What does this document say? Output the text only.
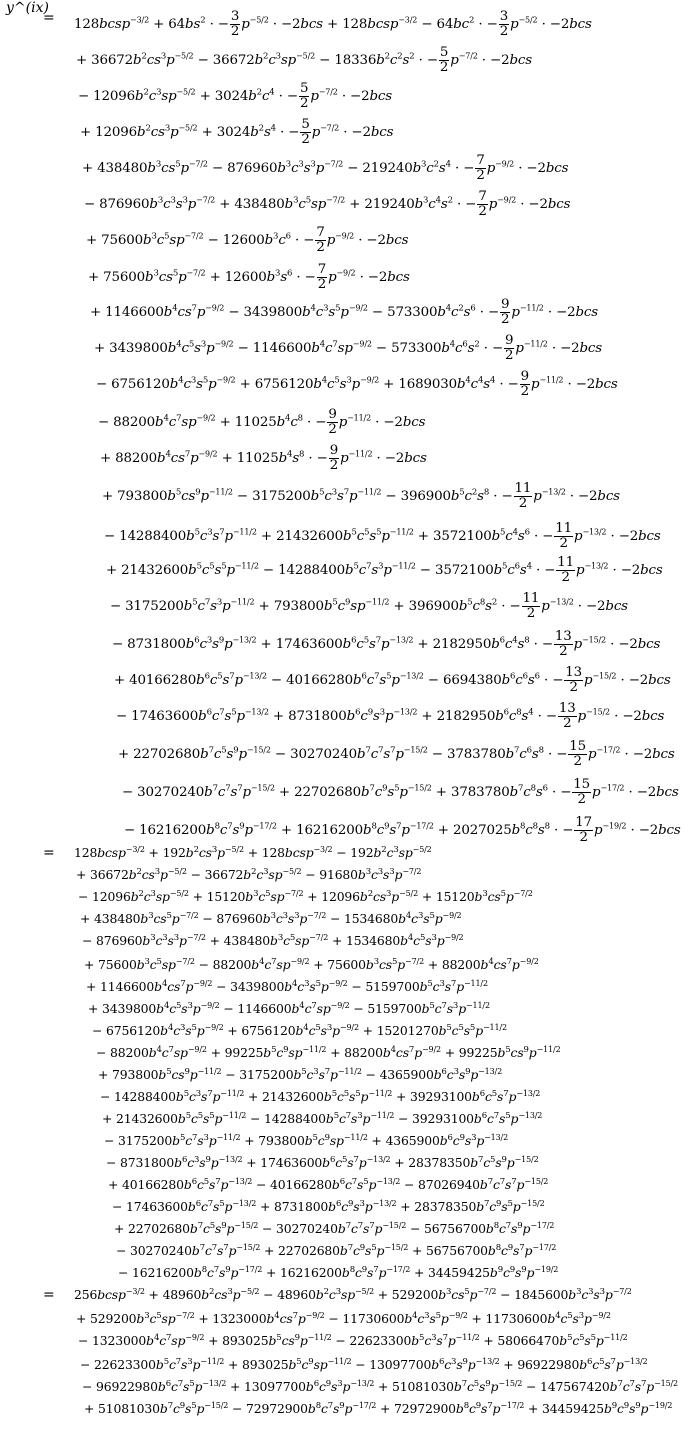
y^(ix)
= 128bcsp$^{-3/2}$ + $64bs^2$ · − $\frac{3}{2} p^{-5/2} \cdot -2bcs$ + 128bcsp$^{-3/2}$ − $64bc^2$ · − $\frac{3}{2} p^{-5/2} \cdot -2bcs$
+ $36672b^2cs^3p^{-5/2} - 36672b^2c^3sp^{-5/2} - 18336b^2c^2s^2$ · − $\frac{5}{2} p^{-7/2} \cdot -2bcs$
− $12096b^2c^3sp^{-5/2} + 3024b^2c^4$ · − $\frac{5}{2} p^{-7/2} \cdot -2bcs$
+ $12096b^2cs^3p^{-5/2} + 3024b^2s^4$ · − $\frac{5}{2} p^{-7/2} \cdot -2bcs$
+ $438480b^3cs^5p^{-7/2} - 876960b^3c^3s^3p^{-7/2} - 219240b^3c^2s^4$ · − $\frac{7}{2} p^{-9/2} \cdot -2bcs$
− $876960b^3c^3s^3p^{-7/2} + 438480b^3c^5sp^{-7/2} + 219240b^3c^4s^2$ · − $\frac{7}{2} p^{-9/2} \cdot -2bcs$
+ $75600b^3c^5sp^{-7/2} - 12600b^3c^6$ · − $\frac{7}{2} p^{-9/2} \cdot -2bcs$
+ $75600b^3cs^5p^{-7/2} + 12600b^3s^6$ · − $\frac{7}{2} p^{-9/2} \cdot -2bcs$
+ $1146600b^4cs^7p^{-9/2} - 3439800b^4c^3s^5p^{-9/2} - 573300b^4c^2s^6$ · − $\frac{9}{2} p^{-11/2} \cdot -2bcs$
+ $3439800b^4c^5s^3p^{-9/2} - 1146600b^4c^7sp^{-9/2} - 573300b^4c^6s^2$ · − $\frac{9}{2} p^{-11/2} \cdot -2bcs$
− $6756120b^4c^3s^5p^{-9/2} + 6756120b^4c^5s^3p^{-9/2} + 1689030b^4c^4s^4$ · − $\frac{9}{2} p^{-11/2} \cdot -2bcs$
− $88200b^4c^7sp^{-9/2} + 11025b^4c^8$ · − $\frac{9}{2} p^{-11/2} \cdot -2bcs$
+ $88200b^4cs^7p^{-9/2} + 11025b^4s^8$ · − $\frac{9}{2} p^{-11/2} \cdot -2bcs$
+ $793800b^5cs^9p^{-11/2} - 3175200b^5c^3s^7p^{-11/2} - 396900b^5c^2s^8$ · − $\frac{11}{2} p^{-13/2} \cdot -2bcs$
− $14288400b^5c^3s^7p^{-11/2} + 21432600b^5c^5s^5p^{-11/2} + 3572100b^5c^4s^6$ · − $\frac{11}{2} p^{-13/2} \cdot -2bcs$
+ $21432600b^5c^5s^5p^{-11/2} - 14288400b^5c^7s^3p^{-11/2} - 3572100b^5c^6s^4$ · − $\frac{11}{2} p^{-13/2} \cdot -2bcs$
− $3175200b^5c^7s^3p^{-11/2} + 793800b^5c^9sp^{-11/2} + 396900b^5c^8s^2$ · − $\frac{11}{2} p^{-13/2} \cdot -2bcs$
− $8731800b^6c^3s^9p^{-13/2} + 17463600b^6c^5s^7p^{-13/2} + 2182950b^6c^4s^8$ · − $\frac{13}{2} p^{-15/2} \cdot -2bcs$
+ $40166280b^6c^5s^7p^{-13/2} - 40166280b^6c^7s^5p^{-13/2} - 6694380b^6c^6s^6$ · − $\frac{13}{2} p^{-15/2} \cdot -2bcs$
− $17463600b^6c^7s^5p^{-13/2} + 8731800b^6c^9s^3p^{-13/2} + 2182950b^6c^8s^4$ · − $\frac{13}{2} p^{-15/2} \cdot -2bcs$
+ $22702680b^7c^5s^9p^{-15/2} - 30270240b^7c^7s^7p^{-15/2} - 3783780b^7c^6s^8$ · − $\frac{15}{2} p^{-17/2} \cdot -2bcs$
− $30270240b^7c^7s^7p^{-15/2} + 22702680b^7c^9s^5p^{-15/2} + 3783780b^7c^8s^6$ · − $\frac{15}{2} p^{-17/2} \cdot -2bcs$
− $16216200b^8c^7s^9p^{-17/2} + 16216200b^8c^9s^7p^{-17/2} + 2027025b^8c^8s^8$ · − $\frac{17}{2} p^{-19/2} \cdot -2bcs$
= 128bcsp$^{-3/2}$ + $192b^2cs^3p^{-5/2}$ + 128bcsp$^{-3/2}$ − $192b^2c^3sp^{-5/2}$
+ $36672b^2cs^3p^{-5/2} - 36672b^2c^3sp^{-5/2} - 91680b^3c^3s^3p^{-7/2}$
− $12096b^2c^3sp^{-5/2} + 15120b^3c^5sp^{-7/2} + 12096b^2cs^3p^{-5/2} + 15120b^3cs^5p^{-7/2}$
+ $438480b^3cs^5p^{-7/2} - 876960b^3c^3s^3p^{-7/2} - 1534680b^4c^3s^5p^{-9/2}$
− $876960b^3c^3s^3p^{-7/2} + 438480b^3c^5sp^{-7/2} + 1534680b^4c^5s^3p^{-9/2}$
+ $75600b^3c^5sp^{-7/2} - 88200b^4c^7sp^{-9/2} + 75600b^3cs^5p^{-7/2} + 88200b^4cs^7p^{-9/2}$
+ $1146600b^4cs^7p^{-9/2} - 3439800b^4c^3s^5p^{-9/2} - 5159700b^5c^3s^7p^{-11/2}$
+ $3439800b^4c^5s^3p^{-9/2} - 1146600b^4c^7sp^{-9/2} - 5159700b^5c^7s^3p^{-11/2}$
− $6756120b^4c^3s^5p^{-9/2} + 6756120b^4c^5s^3p^{-9/2} + 15201270b^5c^5s^5p^{-11/2}$
− $88200b^4c^7sp^{-9/2} + 99225b^5c^9sp^{-11/2} + 88200b^4cs^7p^{-9/2} + 99225b^5cs^9p^{-11/2}$
+ $793800b^5cs^9p^{-11/2} - 3175200b^5c^3s^7p^{-11/2} - 4365900b^6c^3s^9p^{-13/2}$
− $14288400b^5c^3s^7p^{-11/2} + 21432600b^5c^5s^5p^{-11/2} + 39293100b^6c^5s^7p^{-13/2}$
+ $21432600b^5c^5s^5p^{-11/2} - 14288400b^5c^7s^3p^{-11/2} - 39293100b^6c^7s^5p^{-13/2}$
− $3175200b^5c^7s^3p^{-11/2} + 793800b^5c^9sp^{-11/2} + 4365900b^6c^9s^3p^{-13/2}$
− $8731800b^6c^3s^9p^{-13/2} + 17463600b^6c^5s^7p^{-13/2} + 28378350b^7c^5s^9p^{-15/2}$
+ $40166280b^6c^5s^7p^{-13/2} - 40166280b^6c^7s^5p^{-13/2} - 87026940b^7c^7s^7p^{-15/2}$
− $17463600b^6c^7s^5p^{-13/2} + 8731800b^6c^9s^3p^{-13/2} + 28378350b^7c^9s^5p^{-15/2}$
+ $22702680b^7c^5s^9p^{-15/2} - 30270240b^7c^7s^7p^{-15/2} - 56756700b^8c^7s^9p^{-17/2}$
− $30270240b^7c^7s^7p^{-15/2} + 22702680b^7c^9s^5p^{-15/2} + 56756700b^8c^9s^7p^{-17/2}$
− $16216200b^8c^7s^9p^{-17/2} + 16216200b^8c^9s^7p^{-17/2} + 34459425b^9c^9s^9p^{-19/2}$
= 256bcsp$^{-3/2}$ + $48960b^2cs^3p^{-5/2} - 48960b^2c^3sp^{-5/2} + 529200b^3cs^5p^{-7/2} - 1845600b^3c^3s^3p^{-7/2}$
+ $529200b^3c^5sp^{-7/2} + 1323000b^4cs^7p^{-9/2} - 11730600b^4c^3s^5p^{-9/2} + 11730600b^4c^5s^3p^{-9/2}$
− $1323000b^4c^7sp^{-9/2} + 893025b^5cs^9p^{-11/2} - 22623300b^5c^3s^7p^{-11/2} + 58066470b^5c^5s^5p^{-11/2}$
− $22623300b^5c^7s^3p^{-11/2} + 893025b^5c^9sp^{-11/2} - 13097700b^6c^3s^9p^{-13/2} + 96922980b^6c^5s^7p^{-13/2}$
− $96922980b^6c^7s^5p^{-13/2} + 13097700b^6c^9s^3p^{-13/2} + 51081030b^7c^5s^9p^{-15/2} - 147567420b^7c^7s^7p^{-15/2}$
+ $51081030b^7c^9s^5p^{-15/2} - 72972900b^8c^7s^9p^{-17/2} + 72972900b^8c^9s^7p^{-17/2} + 34459425b^9c^9s^9p^{-19/2}$
